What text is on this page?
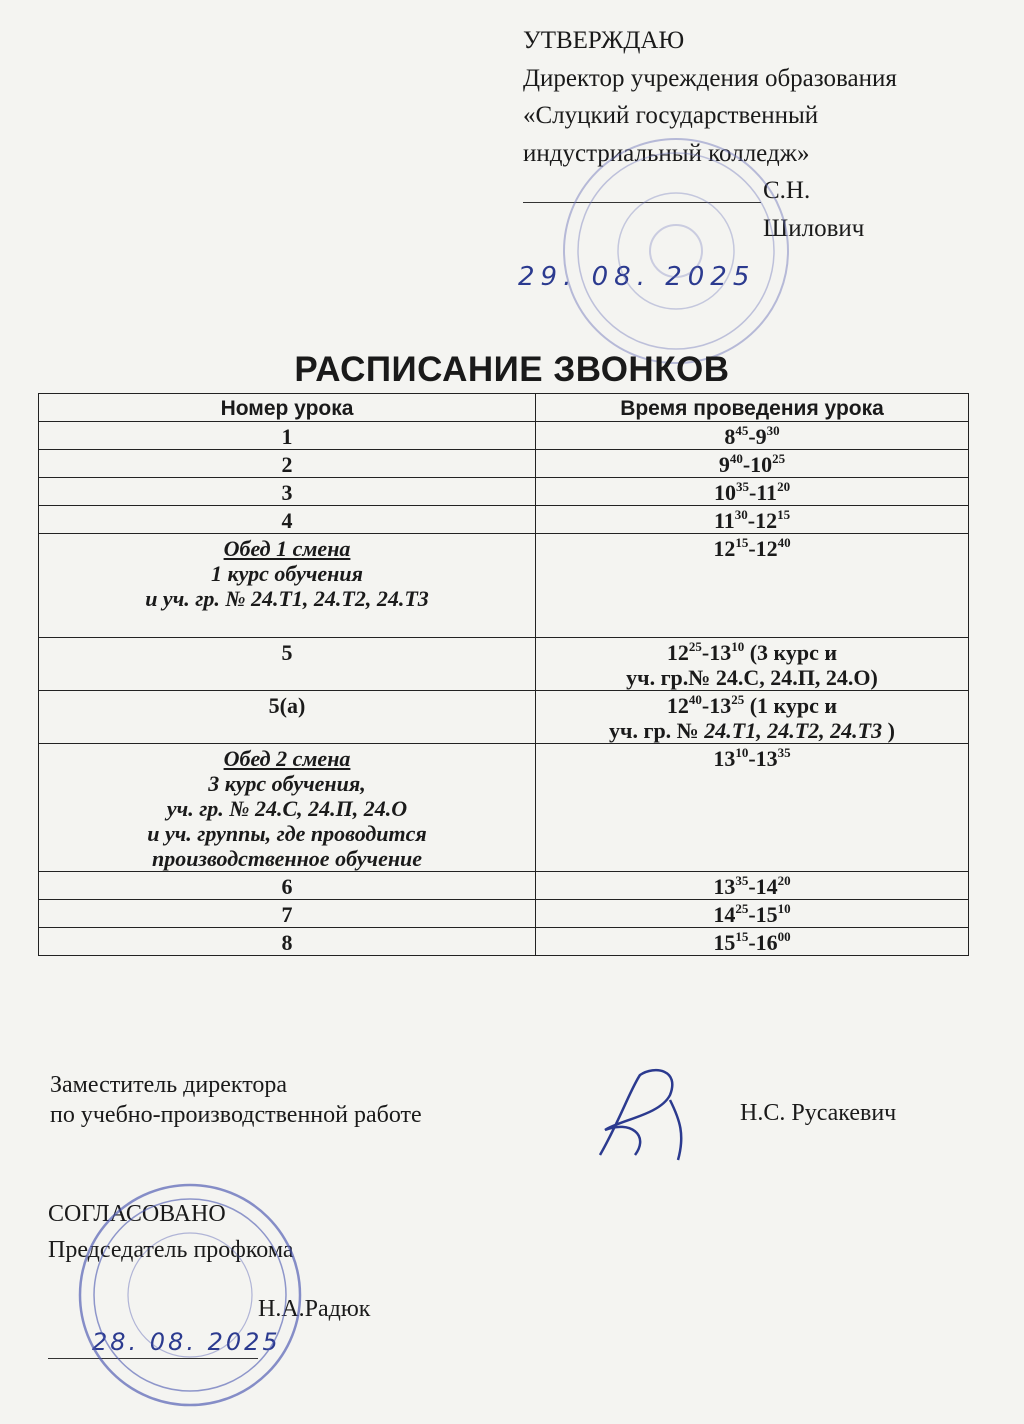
УТВЕРЖДАЮ
Директор учреждения образования
«Слуцкий государственный
индустриальный колледж»
С.Н. Шилович
29. 08. 2025
РАСПИСАНИЕ ЗВОНКОВ
Номер урока	Время проведения урока
1	$8^{45}-9^{30}$
2	$9^{40}-10^{25}$
3	$10^{35}-11^{20}$
4	$11^{30}-12^{15}$

Обед 1 смена
1 курс обучения
и уч. гр. № 24.Т1, 24.Т2, 24.Т3	$12^{15}-12^{40}$
5	$12^{25}-13^{10}$ (3 курс и
уч. гр.№ 24.С, 24.П, 24.О)

5(а)	$12^{40}-13^{25}$ (1 курс и
уч. гр. № 24.Т1, 24.Т2, 24.Т3 )

Обед 2 смена
3 курс обучения,
уч. гр. № 24.С, 24.П, 24.О
и уч. группы, где проводится
производственное обучение	$13^{10}-13^{35}$
6	$13^{35}-14^{20}$
7	$14^{25}-15^{10}$
8	$15^{15}-16^{00}$
Заместитель директора
по учебно-производственной работе	Н.С. Русакевич
СОГЛАСОВАНО
Председатель профкома
Н.А.Радюк
28. 08. 2025
